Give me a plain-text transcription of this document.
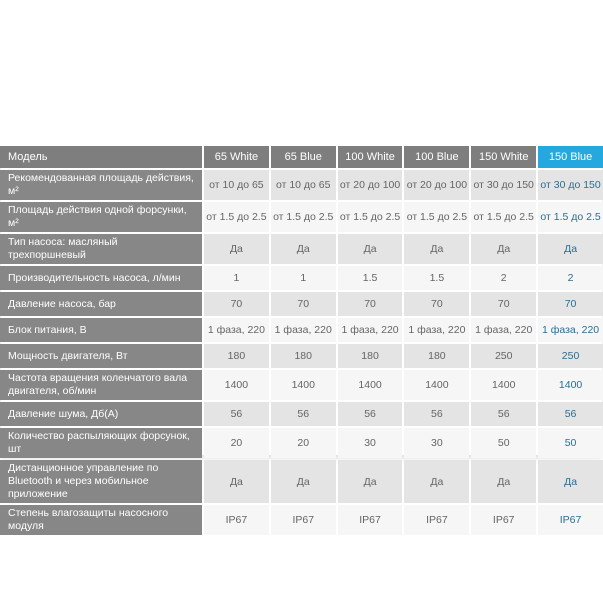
Модель	65 White	65 Blue	100 White	100 Blue	150 White	150 Blue
Рекомендованная площадь действия, м²	от 10 до 65	от 10 до 65	от 20 до 100	от 20 до 100	от 30 до 150	от 30 до 150
Площадь действия одной форсунки, м²	от 1.5 до 2.5	от 1.5 до 2.5	от 1.5 до 2.5	от 1.5 до 2.5	от 1.5 до 2.5	от 1.5 до 2.5
Тип насоса: масляный трехпоршневый	Да	Да	Да	Да	Да	Да
Производительность насоса, л/мин	1	1	1.5	1.5	2	2
Давление насоса, бар	70	70	70	70	70	70
Блок питания, В	1 фаза, 220	1 фаза, 220	1 фаза, 220	1 фаза, 220	1 фаза, 220	1 фаза, 220
Мощность двигателя, Вт	180	180	180	180	250	250
Частота вращения коленчатого вала двигателя, об/мин	1400	1400	1400	1400	1400	1400
Давление шума, Дб(А)	56	56	56	56	56	56
Количество распыляющих форсунок, шт	20	20	30	30	50	50
Дистанционное управление по Bluetooth и через мобильное приложение	Да	Да	Да	Да	Да	Да
Степень влагозащиты насосного модуля	IP67	IP67	IP67	IP67	IP67	IP67
